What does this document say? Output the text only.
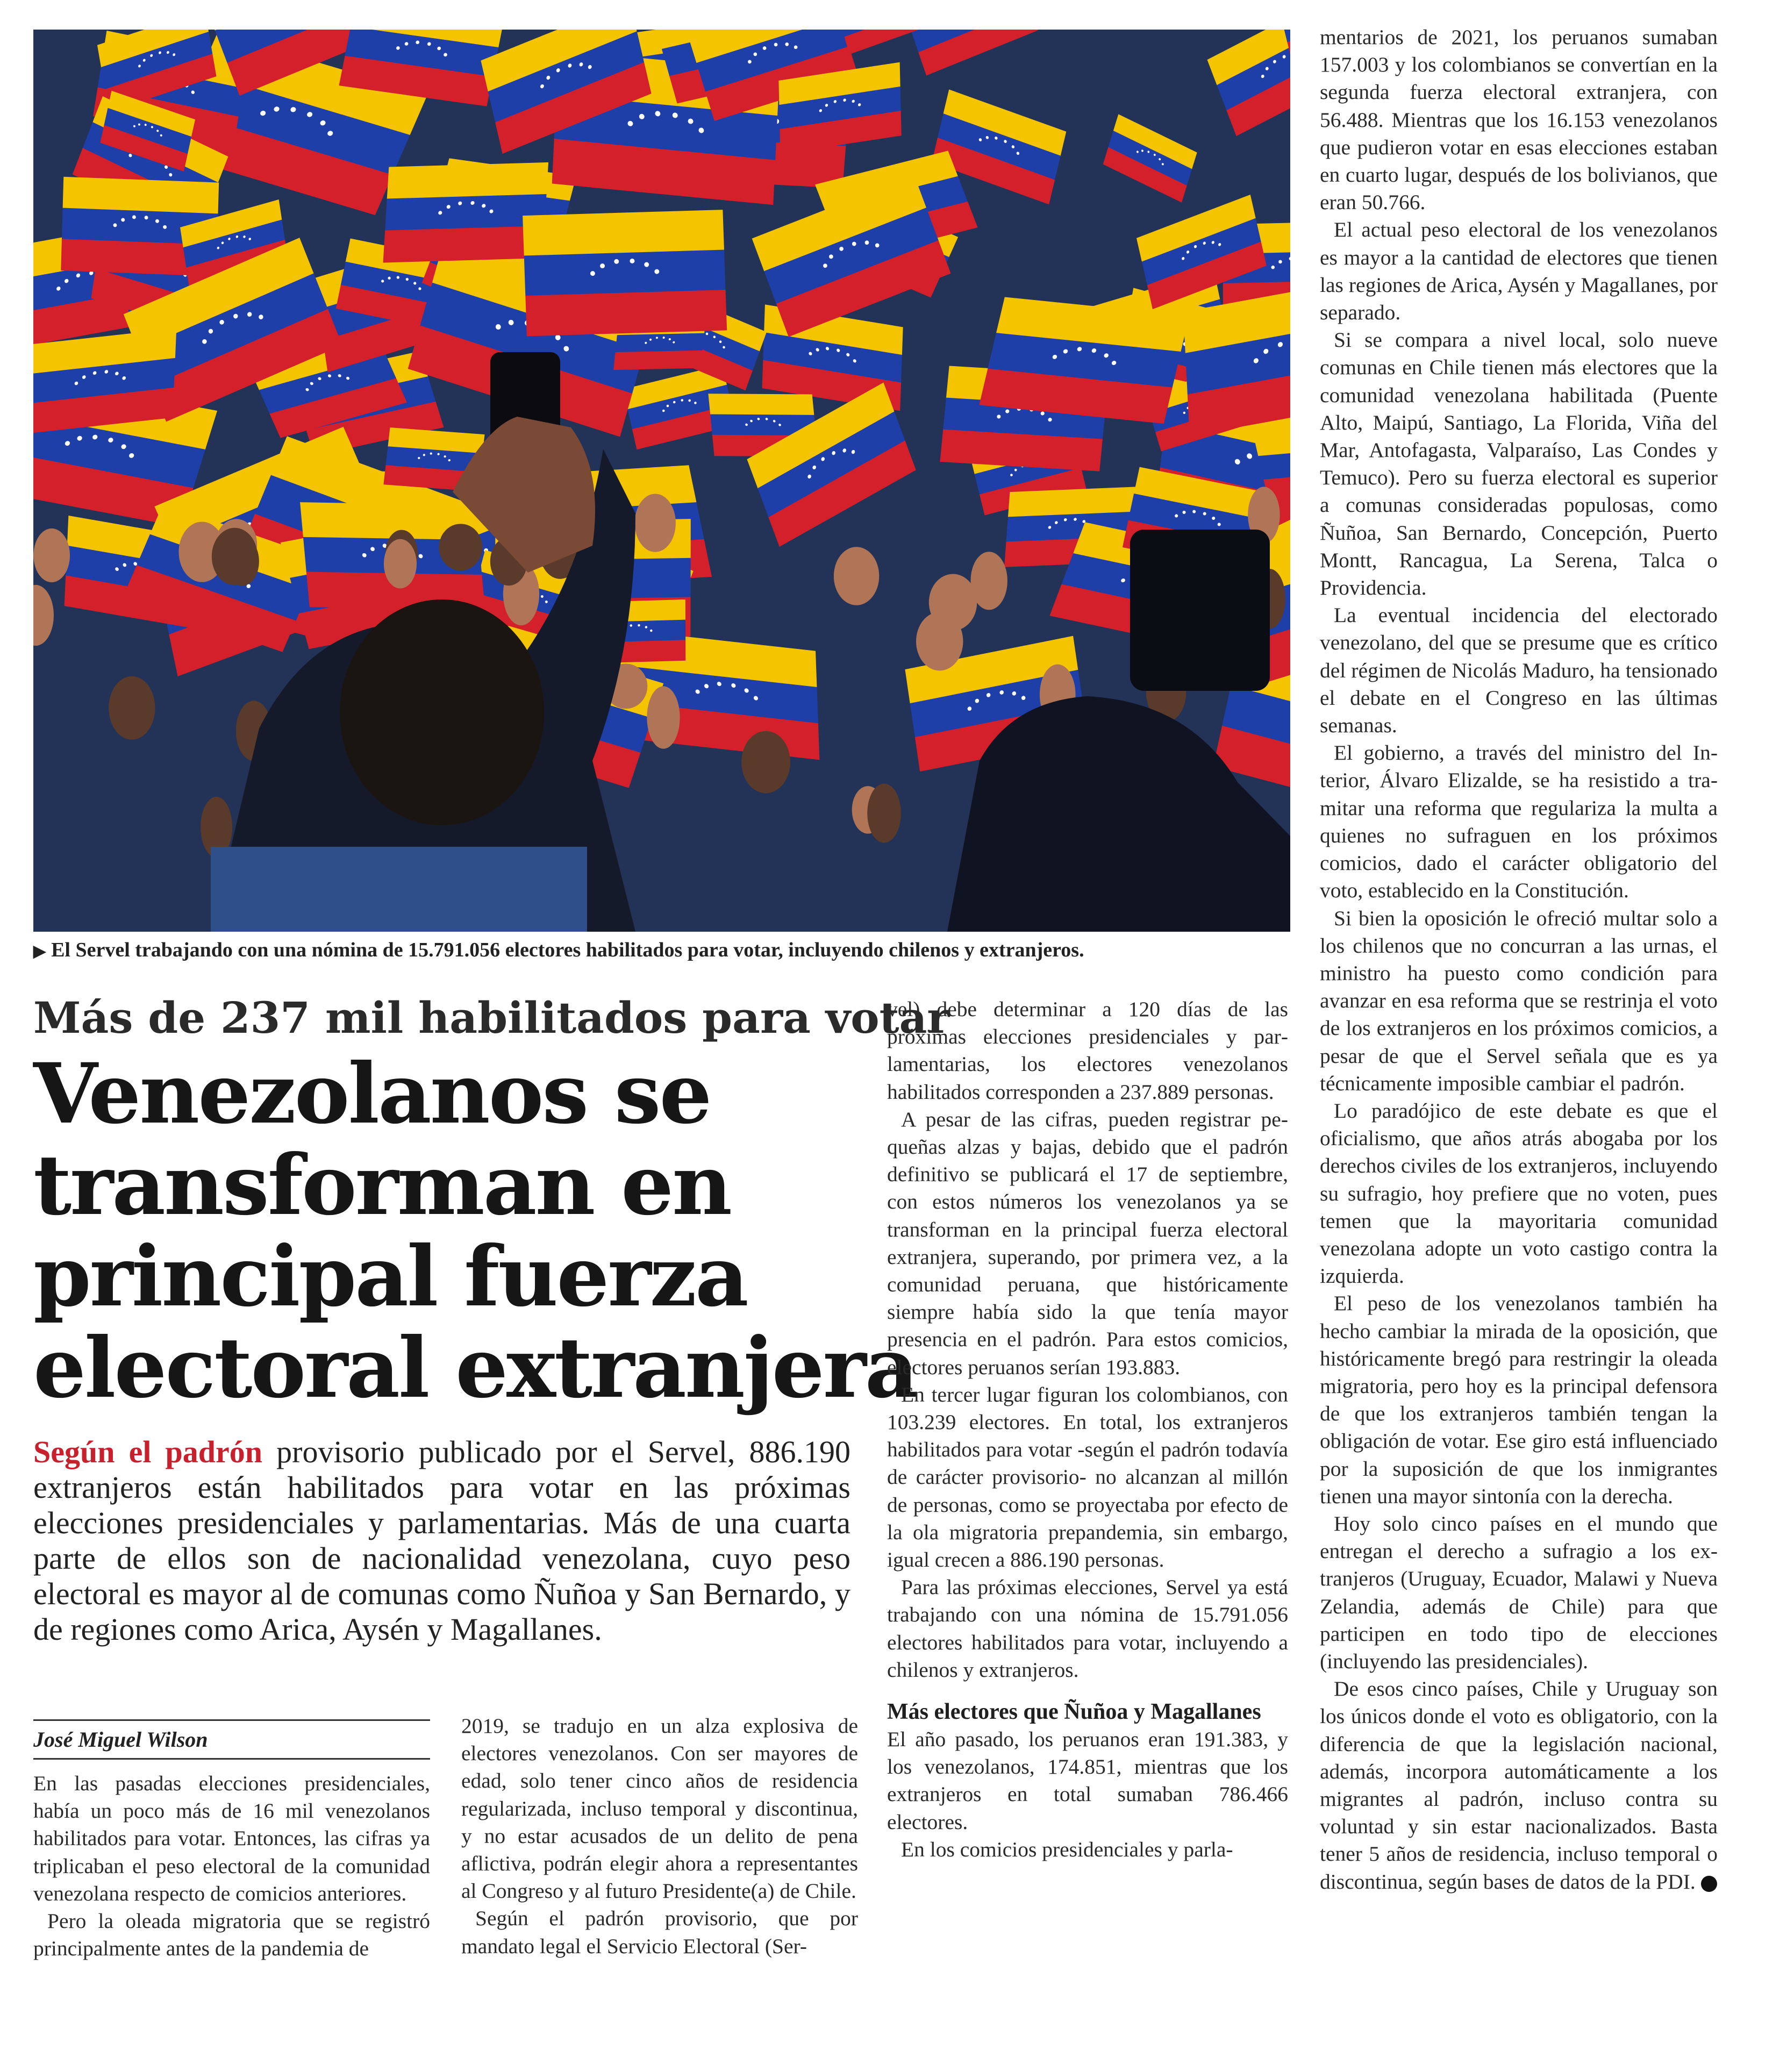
▶ El Servel trabajando con una nómina de 15.791.056 electores habilitados para votar, incluyendo chilenos y extranjeros.
Más de 237 mil habilitados para votar
Venezolanos se
transforman en
principal fuerza
electoral extranjera
Según el padrón provisorio publicado por el Servel, 886.190 extranjeros están habilitados para votar en las próximas elecciones presidenciales y parlamentarias. Más de una cuarta parte de ellos son de nacionalidad venezolana, cuyo peso electoral es mayor al de comunas como Ñuñoa y San Bernardo, y de regiones como Arica, Aysén y Magallanes.
José Miguel Wilson

En las pasadas elecciones presidenciales, había un poco más de 16 mil venezolanos habilitados para votar. Entonces, las cifras ya triplicaban el peso electoral de la comunidad venezolana respecto de comicios anteriores.

Pero la oleada migratoria que se registró principalmente antes de la pandemia de

2019, se tradujo en un alza explosiva de electores venezolanos. Con ser mayores de edad, solo tener cinco años de residencia regularizada, incluso temporal y discontinua, y no estar acusados de un delito de pena aflictiva, podrán elegir ahora a representantes al Congreso y al futuro Presidente(a) de Chile.

Según el padrón provisorio, que por mandato legal el Servicio Electoral (Ser-

vel) debe determinar a 120 días de las próximas elecciones presidenciales y parlamentarias, los electores venezolanos habilitados corresponden a 237.889 personas.

A pesar de las cifras, pueden registrar pequeñas alzas y bajas, debido que el padrón definitivo se publicará el 17 de septiembre, con estos números los venezolanos ya se transforman en la principal fuerza electoral extranjera, superando, por primera vez, a la comunidad peruana, que históricamente siempre había sido la que tenía mayor presencia en el padrón. Para estos comicios, electores peruanos serían 193.883.

En tercer lugar figuran los colombianos, con 103.239 electores. En total, los extranjeros habilitados para votar -según el padrón todavía de carácter provisorio- no alcanzan al millón de personas, como se proyectaba por efecto de la ola migratoria prepandemia, sin embargo, igual crecen a 886.190 personas.

Para las próximas elecciones, Servel ya está trabajando con una nómina de 15.791.056 electores habilitados para votar, incluyendo a chilenos y extranjeros.

Más electores que Ñuñoa y Magallanes

El año pasado, los peruanos eran 191.383, y los venezolanos, 174.851, mientras que los extranjeros en total sumaban 786.466 electores.

En los comicios presidenciales y parla-

mentarios de 2021, los peruanos sumaban 157.003 y los colombianos se convertían en la segunda fuerza electoral extranjera, con 56.488. Mientras que los 16.153 venezolanos que pudieron votar en esas elecciones estaban en cuarto lugar, después de los bolivianos, que eran 50.766.

El actual peso electoral de los venezolanos es mayor a la cantidad de electores que tienen las regiones de Arica, Aysén y Magallanes, por separado.

Si se compara a nivel local, solo nueve comunas en Chile tienen más electores que la comunidad venezolana habilitada (Puente Alto, Maipú, Santiago, La Florida, Viña del Mar, Antofagasta, Valparaíso, Las Condes y Temuco). Pero su fuerza electoral es superior a comunas consideradas populosas, como Ñuñoa, San Bernardo, Concepción, Puerto Montt, Rancagua, La Serena, Talca o Providencia.

La eventual incidencia del electorado venezolano, del que se presume que es crítico del régimen de Nicolás Maduro, ha tensionado el debate en el Congreso en las últimas semanas.

El gobierno, a través del ministro del Interior, Álvaro Elizalde, se ha resistido a tramitar una reforma que regulariza la multa a quienes no sufraguen en los próximos comicios, dado el carácter obligatorio del voto, establecido en la Constitución.

Si bien la oposición le ofreció multar solo a los chilenos que no concurran a las urnas, el ministro ha puesto como condición para avanzar en esa reforma que se restrinja el voto de los extranjeros en los próximos comicios, a pesar de que el Servel señala que es ya técnicamente imposible cambiar el padrón.

Lo paradójico de este debate es que el oficialismo, que años atrás abogaba por los derechos civiles de los extranjeros, incluyendo su sufragio, hoy prefiere que no voten, pues temen que la mayoritaria comunidad venezolana adopte un voto castigo contra la izquierda.

El peso de los venezolanos también ha hecho cambiar la mirada de la oposición, que históricamente bregó para restringir la oleada migratoria, pero hoy es la principal defensora de que los extranjeros también tengan la obligación de votar. Ese giro está influenciado por la suposición de que los inmigrantes tienen una mayor sintonía con la derecha.

Hoy solo cinco países en el mundo que entregan el derecho a sufragio a los extranjeros (Uruguay, Ecuador, Malawi y Nueva Zelandia, además de Chile) para que participen en todo tipo de elecciones (incluyendo las presidenciales).

De esos cinco países, Chile y Uruguay son los únicos donde el voto es obligatorio, con la diferencia de que la legislación nacional, además, incorpora automáticamente a los migrantes al padrón, incluso contra su voluntad y sin estar nacionalizados. Basta tener 5 años de residencia, incluso temporal o discontinua, según bases de datos de la PDI.
